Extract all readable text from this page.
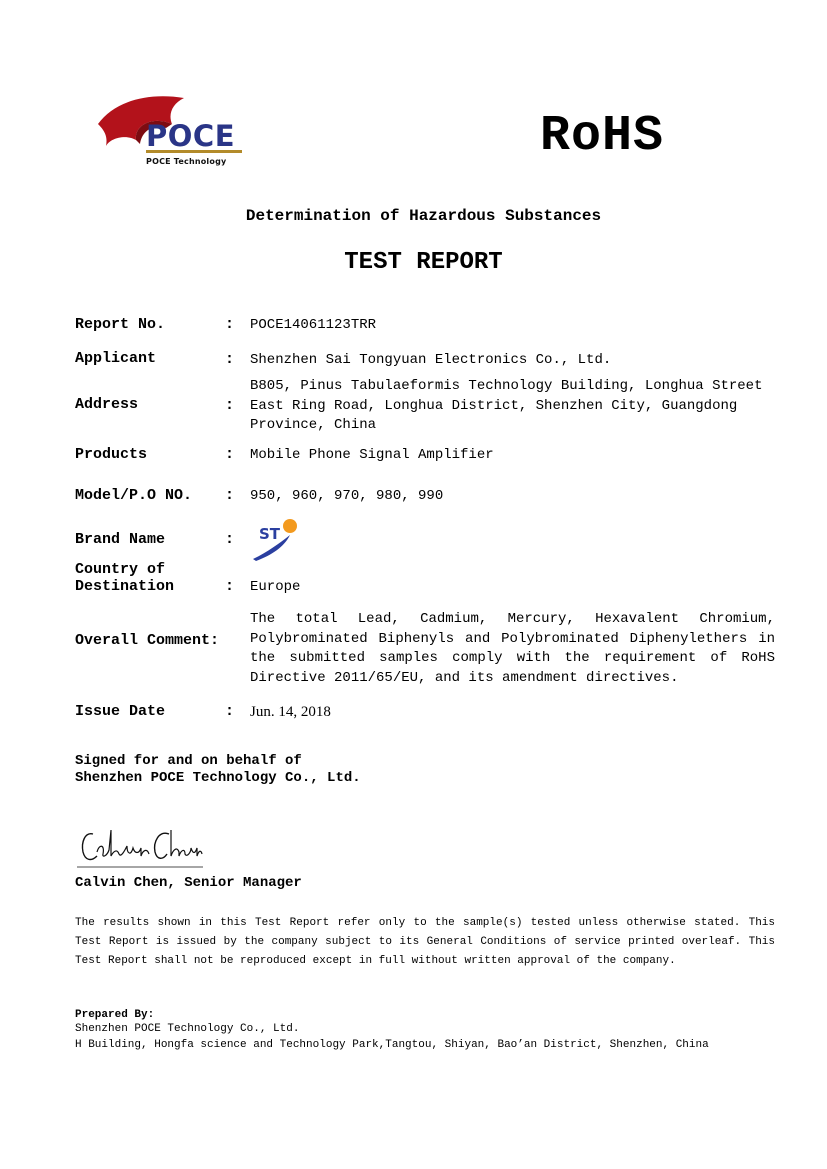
POCE
POCE Technology	RoHS
Determination of Hazardous Substances
TEST REPORT
Report No.	: POCE14061123TRR
Applicant	: Shenzhen Sai Tongyuan Electronics Co., Ltd.
Address	:
B805, Pinus Tabulaeformis Technology Building, Longhua Street East Ring Road, Longhua District, Shenzhen City, Guangdong Province, China
Products	: Mobile Phone Signal Amplifier
Model/P.O NO. : 950, 960, 970, 980, 990
Brand Name	: ST
Country of
Destination	: Europe
Overall Comment:
The total Lead, Cadmium, Mercury, Hexavalent Chromium, Polybrominated Biphenyls and Polybrominated Diphenylethers in the submitted samples comply with the requirement of RoHS Directive 2011/65/EU, and its amendment directives.
Issue Date	: Jun. 14, 2018
Signed for and on behalf of
Shenzhen POCE Technology Co., Ltd.
Calvin Chen, Senior Manager
The results shown in this Test Report refer only to the sample(s) tested unless otherwise stated. This Test Report is issued by the company subject to its General Conditions of service printed overleaf. This Test Report shall not be reproduced except in full without written approval of the company.
Prepared By:
Shenzhen POCE Technology Co., Ltd.
H Building, Hongfa science and Technology Park,Tangtou, Shiyan, Bao’an District, Shenzhen, China
